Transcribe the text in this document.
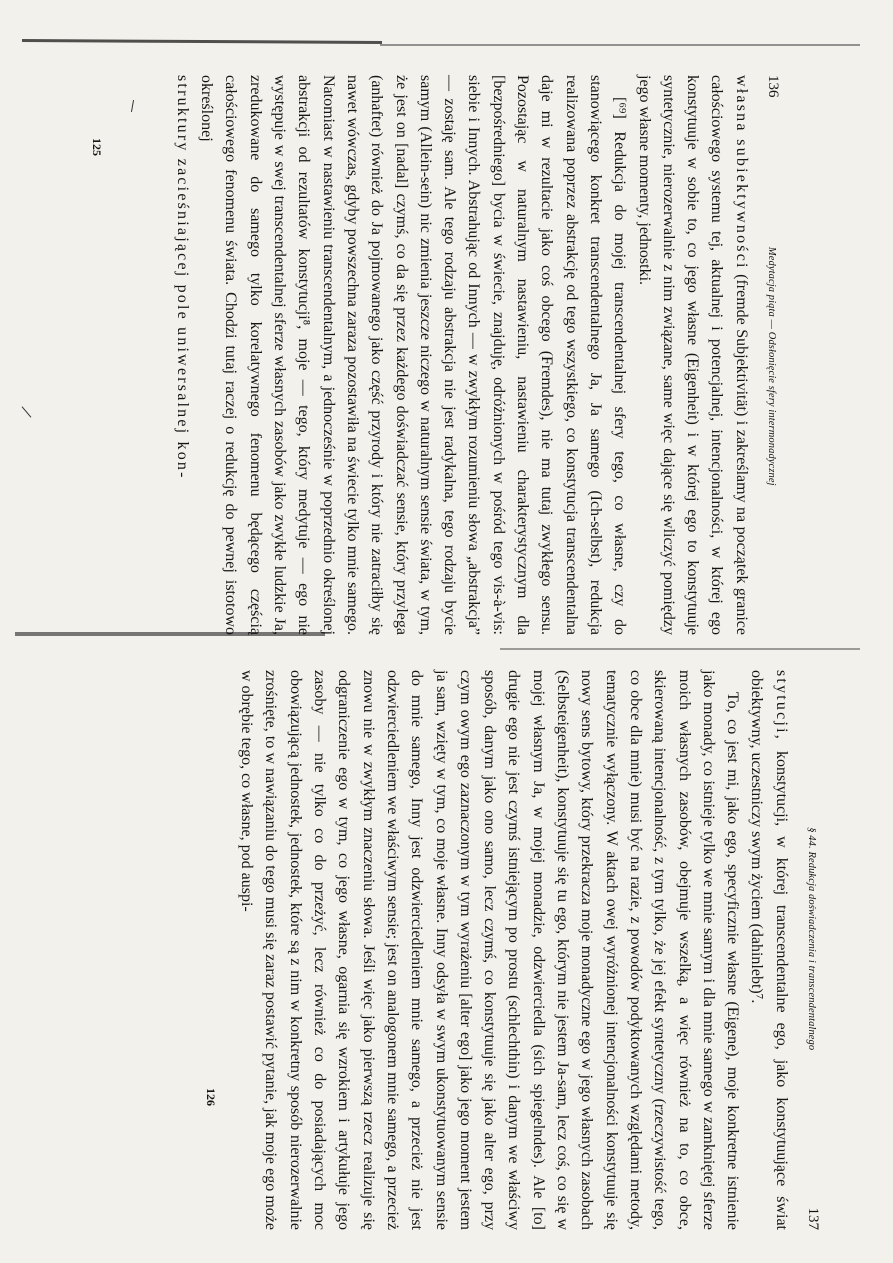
136
Medytacja piąta — Odsłonięcie sfery intermonadycznej

własna subiektywności (fremde Subjektivität) i zakreślamy na początek granice całościowego systemu tej, aktualnej i potencjalnej, intencjonalności, w której ego konstytuuje w sobie to, co jego własne (Eigenheit) i w której ego to konstytuuje syntetycznie, nierozerwalnie z nim związane, same więc dające się wliczyć pomiędzy jego własne momenty, jednostki.

[⁶⁹] Redukcja do mojej transcendentalnej sfery tego, co własne, czy do stanowiącego konkret transcendentalnego Ja, Ja samego (Ich-selbst), redukcja realizowana poprzez abstrakcję od tego wszystkiego, co konstytucja transcendentalna daje mi w rezultacie jako coś obcego (Fremdes), nie ma tutaj zwykłego sensu. Pozostając w naturalnym nastawieniu, nastawieniu charakterystycznym dla [bezpośredniego] bycia w świecie, znajduję, odróżnionych w pośród tego vis-à-vis: siebie i Innych. Abstrahując od Innych — w zwykłym rozumieniu słowa „abstrakcja” — zostaję sam. Ale tego rodzaju abstrakcja nie jest radykalna, tego rodzaju bycie samym (Allein-sein) nic zmienia jeszcze niczego w naturalnym sensie świata, w tym, że jest on [nadal] czymś, co da się przez każdego doświadczać sensie, który przylega (anhaftet) również do Ja pojmowanego jako część przyrody i który nie zatraciłby się nawet wówczas, gdyby powszechna zaraza pozostawiła na świecie tylko mnie samego. Natomiast w nastawieniu transcendentalnym, a jednocześnie w poprzednio określonej abstrakcji od rezultatów konstytucji⁸, moje — tego, który medytuje — ego nie występuje w swej transcendentalnej sferze własnych zasobów jako zwykłe ludzkie Ja, zredukowane do samego tylko korelatywnego fenomenu będącego częścią całościowego fenomenu świata. Chodzi tutaj raczej o redukcję do pewnej istotowo określonej

struktury zacieśniającej pole uniwersalnej kon-

125
§ 44. Redukcja doświadczenia i transcendentalnego
137

stytucji, konstytucji, w której transcendentalne ego, jako konstytuujące świat obiektywny, uczestniczy swym życiem (dahinlebt)⁷.

To, co jest mi, jako ego, specyficznie własne (Eigene), moje konkretne istnienie jako monady, co istnieje tylko we mnie samym i dla mnie samego w zamkniętej sferze moich własnych zasobów, obejmuje wszelką, a więc również na to, co obce, skierowaną intencjonalność, z tym tylko, że jej efekt syntetyczny (rzeczywistość tego, co obce dla mnie) musi być na razie, z powodów podyktowanych względami metody, tematycznie wyłączony. W aktach owej wyróżnionej intencjonalności konstytuuje się nowy sens bytowy, który przekracza moje monadyczne ego w jego własnych zasobach (Selbsteigenheit), konstytuuje się tu ego, którym nie jestem Ja-sam, lecz coś, co się w mojej własnym Ja, w mojej monadzie, odzwierciedla (sich spiegelndes). Ale [to] drugie ego nie jest czymś istniejącym po prostu (schlechthin) i danym we właściwy sposób, danym jako ono samo, lecz czymś, co konstytuuje się jako alter ego, przy czym owym ego zaznaczonym w tym wyrażeniu [alter ego] jako jego moment jestem ja sam, wzięty w tym, co moje własne. Inny odsyła w swym ukonstytuowanym sensie do mnie samego, Inny jest odzwierciedleniem mnie samego, a przecież nie jest odzwierciedleniem we właściwym sensie; jest on analogonem mnie samego, a przecież znowu nie w zwykłym znaczeniu słowa. Jeśli więc jako pierwszą rzecz realizuje się odgraniczenie ego w tym, co jego własne, ogarnia się wzrokiem i artykułuje jego zasoby — nie tylko co do przeżyć, lecz również co do posiadających moc obowiązującą jednostek, jednostek, które są z nim w konkretny sposób nierozerwalnie zrośnięte, to w nawiązaniu do tego musi się zaraz postawić pytanie, jak moje ego może w obrębie tego, co własne, pod auspi-

126
